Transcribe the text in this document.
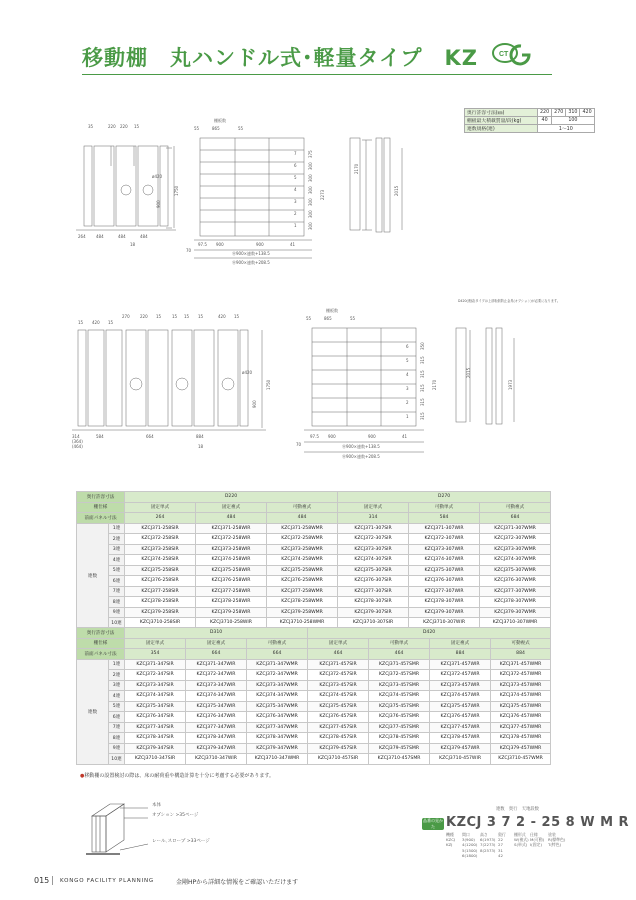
移動棚　丸ハンドル式･軽量タイプ　KZ	CT
奥行許容寸法(㎜)	220	270	310	420
棚板最大積載質量/段(kg)	40	100		
連数規格(連)	1〜10			
35	220 220 15
264	484	484	484
ø420
900
1750
18
棚板数
55	865	55
7
6
5
4
3
2
1
375
300
300
300
300
300
300
2273
2170
2015
900	900	41
70
97.5
Ⓦ900×連数+138.5
Ⓦ900×連数+208.5
15 420 15
270	220 15	15 15 15	420 15
314
(364)
(464)
584	664	884
ø420
900
1750
18
棚板数
55	865	55
6
5
4
3
2
1
350
315
315
315
315
315
2170
2015
1973
900	900	41
70
97.5
Ⓦ900×連数+138.5
Ⓦ900×連数+208.5
D420(連結)タイプは上部転倒防止金具(オプション)が必要になります。
奥行許容寸法		D220			D270		
棚仕様		固定単式	固定複式	可動複式	固定単式	可動単式	可動複式
前面パネル寸法		264	484	484	314	584	684
連数	1連	KZCJ371-258SIR	KZCJ371-258WIR	KZCJ371-258WMR	KZCJ371-307SIR	KZCJ371-307WIR	KZCJ371-307WMR
	2連	KZCJ372-258SIR	KZCJ372-258WIR	KZCJ372-258WMR	KZCJ372-307SIR	KZCJ372-307WIR	KZCJ372-307WMR
	3連	KZCJ373-258SIR	KZCJ373-258WIR	KZCJ373-258WMR	KZCJ373-307SIR	KZCJ373-307WIR	KZCJ373-307WMR
	4連	KZCJ374-258SIR	KZCJ374-258WIR	KZCJ374-258WMR	KZCJ374-307SIR	KZCJ374-307WIR	KZCJ374-307WMR
	5連	KZCJ375-258SIR	KZCJ375-258WIR	KZCJ375-258WMR	KZCJ375-307SIR	KZCJ375-307WIR	KZCJ375-307WMR
	6連	KZCJ376-258SIR	KZCJ376-258WIR	KZCJ376-258WMR	KZCJ376-307SIR	KZCJ376-307WIR	KZCJ376-307WMR
	7連	KZCJ377-258SIR	KZCJ377-258WIR	KZCJ377-258WMR	KZCJ377-307SIR	KZCJ377-307WIR	KZCJ377-307WMR
	8連	KZCJ378-258SIR	KZCJ378-258WIR	KZCJ378-258WMR	KZCJ378-307SIR	KZCJ378-307WIR	KZCJ378-307WMR
	9連	KZCJ379-258SIR	KZCJ379-258WIR	KZCJ379-258WMR	KZCJ379-307SIR	KZCJ379-307WIR	KZCJ379-307WMR
	10連	KZCJ3710-258SIR	KZCJ3710-258WIR	KZCJ3710-258WMR	KZCJ3710-307SIR	KZCJ3710-307WIR	KZCJ3710-307WMR
奥行許容寸法		D310			D420			
棚仕様		固定単式	固定複式	可動複式	固定単式	可動単式	固定複式	可動複式
前面パネル寸法		354	664	664	464	464	884	884
連数	1連	KZCJ371-347SIR	KZCJ371-347WIR	KZCJ371-347WMR	KZCJ371-457SIR	KZCJ371-457SMR	KZCJ371-457WIR	KZCJ371-457WMR
	2連	KZCJ372-347SIR	KZCJ372-347WIR	KZCJ372-347WMR	KZCJ372-457SIR	KZCJ372-457SMR	KZCJ372-457WIR	KZCJ372-457WMR
	3連	KZCJ373-347SIR	KZCJ373-347WIR	KZCJ373-347WMR	KZCJ373-457SIR	KZCJ373-457SMR	KZCJ373-457WIR	KZCJ373-457WMR
	4連	KZCJ374-347SIR	KZCJ374-347WIR	KZCJ374-347WMR	KZCJ374-457SIR	KZCJ374-457SMR	KZCJ374-457WIR	KZCJ374-457WMR
	5連	KZCJ375-347SIR	KZCJ375-347WIR	KZCJ375-347WMR	KZCJ375-457SIR	KZCJ375-457SMR	KZCJ375-457WIR	KZCJ375-457WMR
	6連	KZCJ376-347SIR	KZCJ376-347WIR	KZCJ376-347WMR	KZCJ376-457SIR	KZCJ376-457SMR	KZCJ376-457WIR	KZCJ376-457WMR
	7連	KZCJ377-347SIR	KZCJ377-347WIR	KZCJ377-347WMR	KZCJ377-457SIR	KZCJ377-457SMR	KZCJ377-457WIR	KZCJ377-457WMR
	8連	KZCJ378-347SIR	KZCJ378-347WIR	KZCJ378-347WMR	KZCJ378-457SIR	KZCJ378-457SMR	KZCJ378-457WIR	KZCJ378-457WMR
	9連	KZCJ379-347SIR	KZCJ379-347WIR	KZCJ379-347WMR	KZCJ379-457SIR	KZCJ379-457SMR	KZCJ379-457WIR	KZCJ379-457WMR
	10連	KZCJ3710-347SIR	KZCJ3710-347WIR	KZCJ3710-347WMR	KZCJ3710-457SIR	KZCJ3710-457SMR	KZCJ3710-457WIR	KZCJ3710-457WMR
●移動棚の設置検討の際は、床の耐荷重や構造計算を十分に考慮する必要があります。
本体
オプション >35ページ
レール､スロープ >33ページ
連数　奥行　天地段数
品番の見かた KZCJ 3 7 2 - 25 8 W M R
機種
KZCJ
KZJ
間口
3(900)
4(1200)
5(1500)
6(1800)
高さ
6(1973)
7(2273)
8(2573)
奥行
22
27
31
42
棚形式
W(複式)
S(単式)
仕様
M(可動)
I(固定)
塗装
R(標準色)
T(特色)
015 KONGO FACILITY PLANNING	金剛HPから詳細な情報をご確認いただけます
